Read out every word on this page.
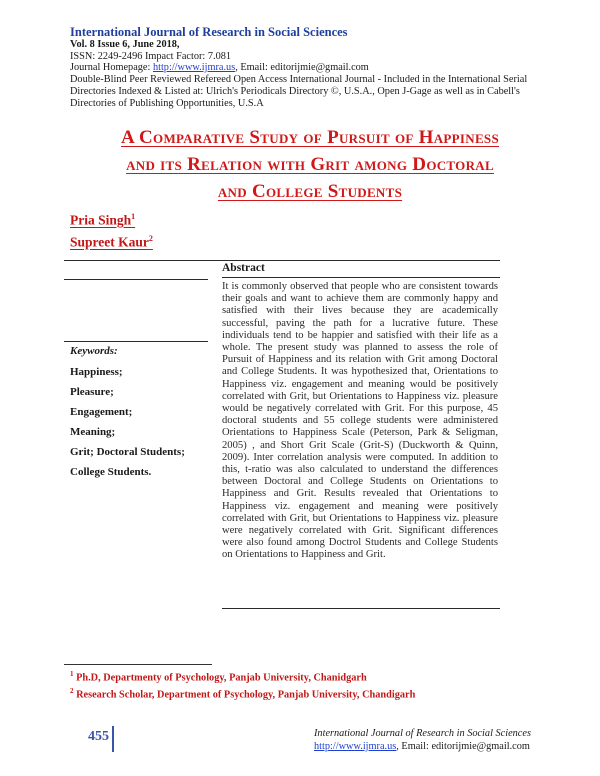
International Journal of Research in Social Sciences
Vol. 8 Issue 6, June 2018,
ISSN: 2249-2496 Impact Factor: 7.081
Journal Homepage: http://www.ijmra.us, Email: editorijmie@gmail.com
Double-Blind Peer Reviewed Refereed Open Access International Journal - Included in the International Serial
Directories Indexed & Listed at: Ulrich's Periodicals Directory ©, U.S.A., Open J-Gage as well as in Cabell's
Directories of Publishing Opportunities, U.S.A
A Comparative Study of Pursuit of Happiness
and its Relation with Grit among Doctoral
and College Students
Pria Singh$^1$
Supreet Kaur$^2$
Abstract
It is commonly observed that people who are consistent towards their goals and want to achieve them are commonly happy and satisfied with their lives because they are academically successful, paving the path for a lucrative future. These individuals tend to be happier and satisfied with their life as a whole. The present study was planned to assess the role of Pursuit of Happiness and its relation with Grit among Doctoral and College Students. It was hypothesized that, Orientations to Happiness viz. engagement and meaning would be positively correlated with Grit, but Orientations to Happiness viz. pleasure would be negatively correlated with Grit. For this purpose, 45 doctoral students and 55 college students were administered Orientations to Happiness Scale (Peterson, Park & Seligman, 2005) , and Short Grit Scale (Grit-S) (Duckworth & Quinn, 2009). Inter correlation analysis were computed. In addition to this, t-ratio was also calculated to understand the differences between Doctoral and College Students on Orientations to Happiness and Grit. Results revealed that Orientations to Happiness viz. engagement and meaning were positively correlated with Grit, but Orientations to Happiness viz. pleasure were negatively correlated with Grit. Significant differences were also found among Doctrol Students and College Students on Orientations to Happiness and Grit.
Keywords:
Happiness;
Pleasure;
Engagement;
Meaning;
Grit; Doctoral Students;
College Students.
$^1$ Ph.D, Departmenty of Psychology, Panjab University, Chanidgarh
$^2$ Research Scholar, Department of Psychology, Panjab University, Chandigarh
455	International Journal of Research in Social Sciences
http://www.ijmra.us, Email: editorijmie@gmail.com
